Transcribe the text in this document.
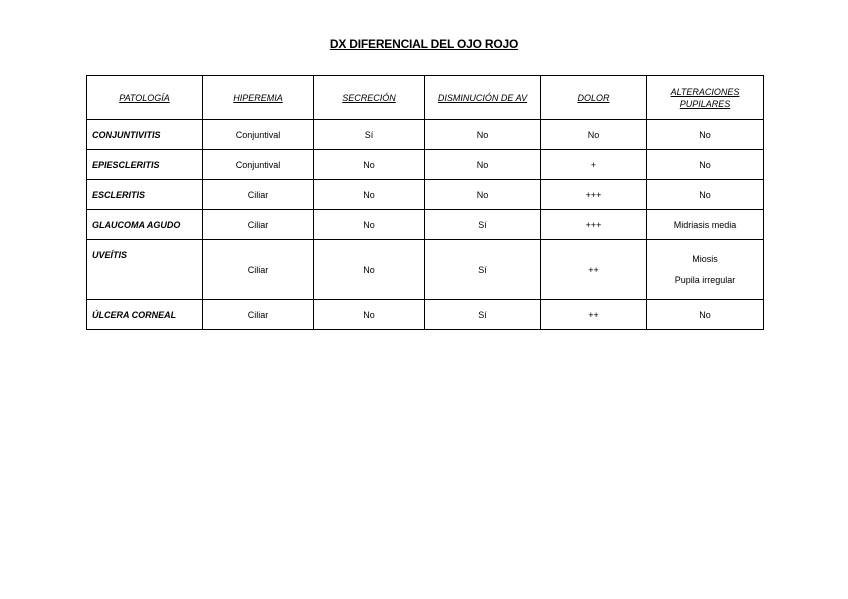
DX DIFERENCIAL DEL OJO ROJO
PATOLOGÍA	HIPEREMIA	SECRECIÓN	DISMINUCIÓN DE AV	DOLOR	ALTERACIONES
PUPILARES

CONJUNTIVITIS	Conjuntival	Sí	No	No	No
EPIESCLERITIS	Conjuntival	No	No	+	No
ESCLERITIS	Ciliar	No	No	+++	No
GLAUCOMA AGUDO	Ciliar	No	Sí	+++	Midriasis media
UVEÍTIS	Ciliar	No	Sí	++	Miosis
Pupila irregular

ÚLCERA CORNEAL	Ciliar	No	Sí	++	No
